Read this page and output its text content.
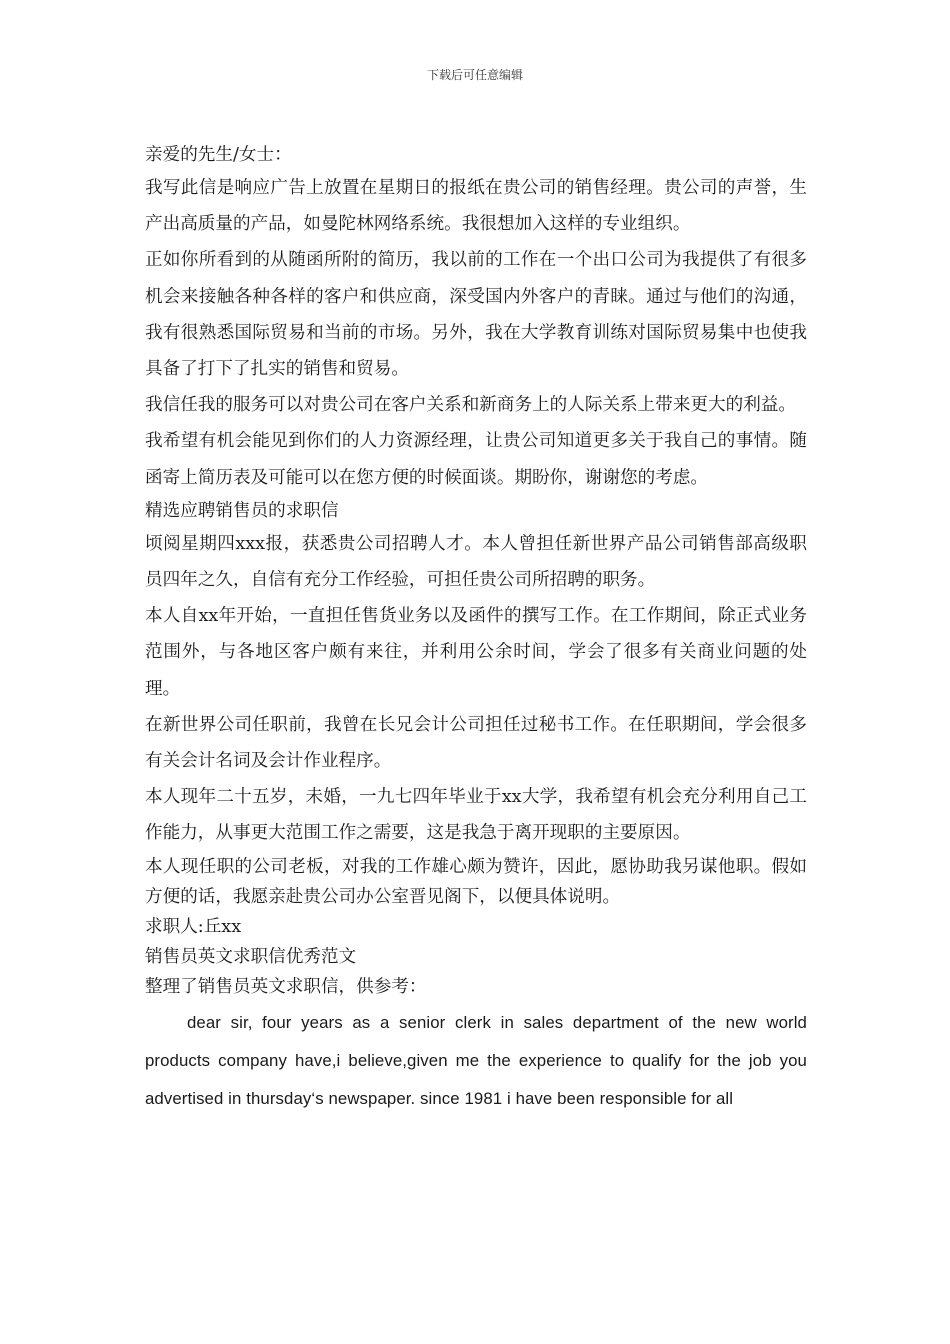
下载后可任意编辑

亲爱的先生/女士：

我写此信是响应广告上放置在星期日的报纸在贵公司的销售经理。贵公司的声誉，生产出高质量的产品，如曼陀林网络系统。我很想加入这样的专业组织。

正如你所看到的从随函所附的简历，我以前的工作在一个出口公司为我提供了有很多机会来接触各种各样的客户和供应商，深受国内外客户的青睐。通过与他们的沟通，我有很熟悉国际贸易和当前的市场。另外，我在大学教育训练对国际贸易集中也使我具备了打下了扎实的销售和贸易。

我信任我的服务可以对贵公司在客户关系和新商务上的人际关系上带来更大的利益。

我希望有机会能见到你们的人力资源经理，让贵公司知道更多关于我自己的事情。随函寄上简历表及可能可以在您方便的时候面谈。期盼你，谢谢您的考虑。

精选应聘销售员的求职信

顷阅星期四xxx报，获悉贵公司招聘人才。本人曾担任新世界产品公司销售部高级职员四年之久，自信有充分工作经验，可担任贵公司所招聘的职务。

本人自xx年开始，一直担任售货业务以及函件的撰写工作。在工作期间，除正式业务范围外，与各地区客户颇有来往，并利用公余时间，学会了很多有关商业问题的处理。

在新世界公司任职前，我曾在长兄会计公司担任过秘书工作。在任职期间，学会很多有关会计名词及会计作业程序。

本人现年二十五岁，未婚，一九七四年毕业于xx大学，我希望有机会充分利用自己工作能力，从事更大范围工作之需要，这是我急于离开现职的主要原因。

本人现任职的公司老板，对我的工作雄心颇为赞许，因此，愿协助我另谋他职。假如方便的话，我愿亲赴贵公司办公室晋见阁下，以便具体说明。

求职人:丘xx

销售员英文求职信优秀范文

整理了销售员英文求职信，供参考：

dear sir, four years as a senior clerk in sales department of the new world products company have,i believe,given me the experience to qualify for the job you advertised in thursday‘s newspaper. since 1981 i have been responsible for all
